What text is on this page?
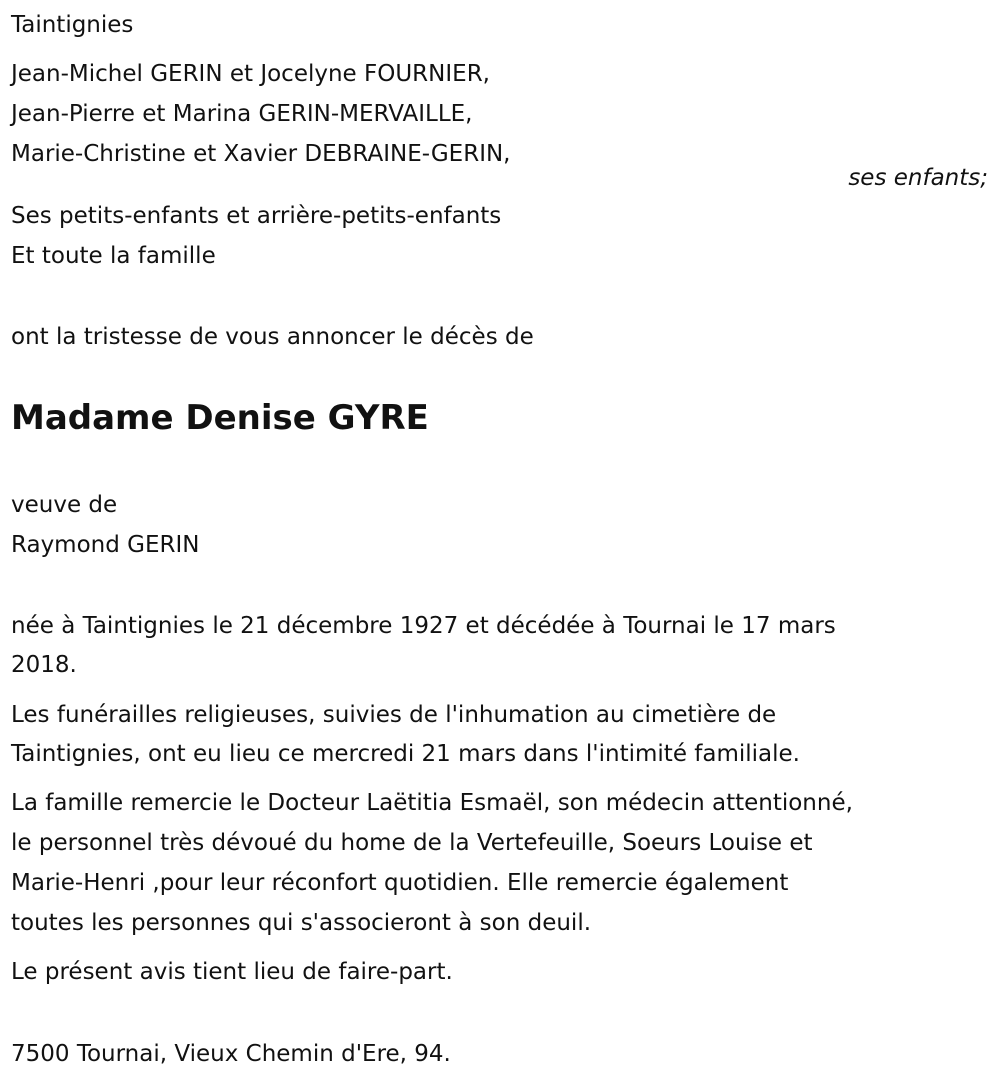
Taintignies
Jean-Michel GERIN et Jocelyne FOURNIER,
Jean-Pierre et Marina GERIN-MERVAILLE,
Marie-Christine et Xavier DEBRAINE-GERIN,
ses enfants;
Ses petits-enfants et arrière-petits-enfants
Et toute la famille
ont la tristesse de vous annoncer le décès de
Madame Denise GYRE
veuve de
Raymond GERIN
née à Taintignies le 21 décembre 1927 et décédée à Tournai le 17 mars
2018.
Les funérailles religieuses, suivies de l'inhumation au cimetière de
Taintignies, ont eu lieu ce mercredi 21 mars dans l'intimité familiale.
La famille remercie le Docteur Laëtitia Esmaël, son médecin attentionné,
le personnel très dévoué du home de la Vertefeuille, Soeurs Louise et
Marie-Henri ,pour leur réconfort quotidien. Elle remercie également
toutes les personnes qui s'associeront à son deuil.
Le présent avis tient lieu de faire-part.
7500 Tournai, Vieux Chemin d'Ere, 94.
